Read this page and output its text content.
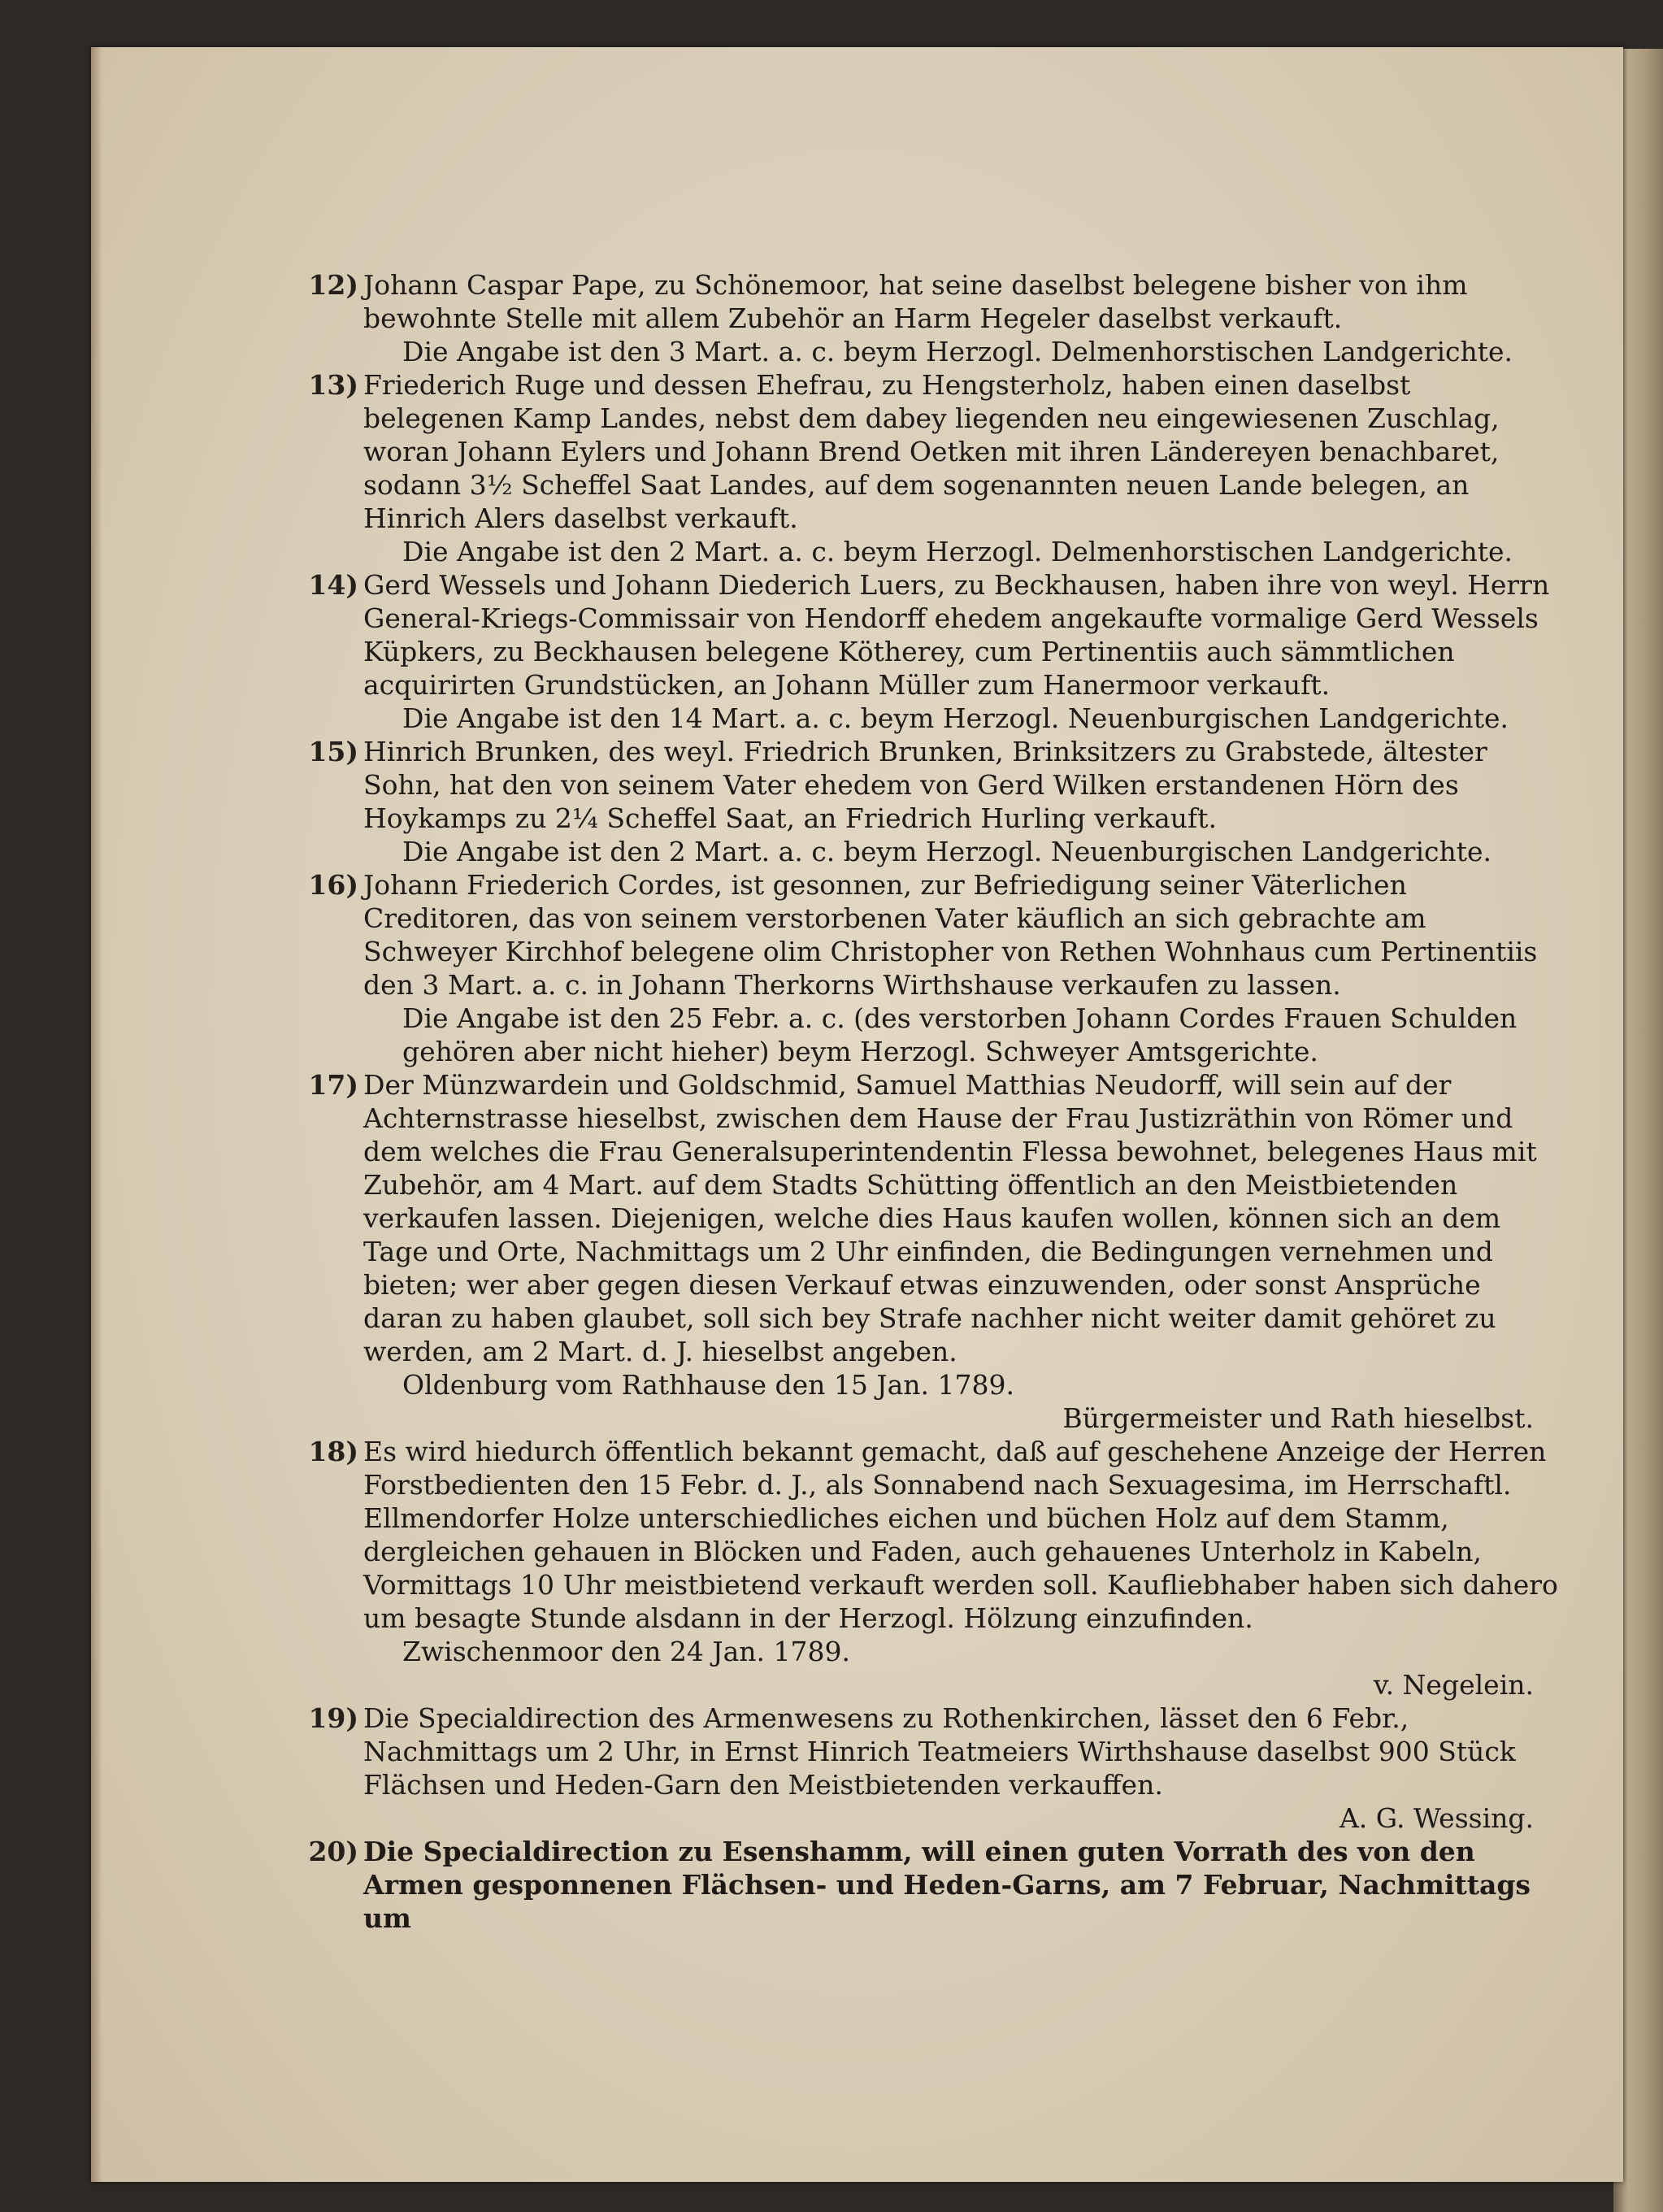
12) Johann Caspar Pape, zu Schönemoor, hat seine daselbst belegene bisher von ihm bewohnte Stelle mit allem Zubehör an Harm Hegeler daselbst verkauft.

Die Angabe ist den 3 Mart. a. c. beym Herzogl. Delmenhorstischen Landgerichte.

13) Friederich Ruge und dessen Ehefrau, zu Hengsterholz, haben einen daselbst belegenen Kamp Landes, nebst dem dabey liegenden neu eingewiesenen Zuschlag, woran Johann Eylers und Johann Brend Oetken mit ihren Ländereyen benachbaret, sodann 3½ Scheffel Saat Landes, auf dem sogenannten neuen Lande belegen, an Hinrich Alers daselbst verkauft.

Die Angabe ist den 2 Mart. a. c. beym Herzogl. Delmenhorstischen Landgerichte.

14) Gerd Wessels und Johann Diederich Luers, zu Beckhausen, haben ihre von weyl. Herrn General-Kriegs-Commissair von Hendorff ehedem angekaufte vormalige Gerd Wessels Küpkers, zu Beckhausen belegene Kötherey, cum Pertinentiis auch sämmtlichen acquirirten Grundstücken, an Johann Müller zum Hanermoor verkauft.

Die Angabe ist den 14 Mart. a. c. beym Herzogl. Neuenburgischen Landgerichte.

15) Hinrich Brunken, des weyl. Friedrich Brunken, Brinksitzers zu Grabstede, ältester Sohn, hat den von seinem Vater ehedem von Gerd Wilken erstandenen Hörn des Hoykamps zu 2¼ Scheffel Saat, an Friedrich Hurling verkauft.

Die Angabe ist den 2 Mart. a. c. beym Herzogl. Neuenburgischen Landgerichte.

16) Johann Friederich Cordes, ist gesonnen, zur Befriedigung seiner Väterlichen Creditoren, das von seinem verstorbenen Vater käuflich an sich gebrachte am Schweyer Kirchhof belegene olim Christopher von Rethen Wohnhaus cum Pertinentiis den 3 Mart. a. c. in Johann Therkorns Wirthshause verkaufen zu lassen.

Die Angabe ist den 25 Febr. a. c. (des verstorben Johann Cordes Frauen Schulden gehören aber nicht hieher) beym Herzogl. Schweyer Amtsgerichte.

17) Der Münzwardein und Goldschmid, Samuel Matthias Neudorff, will sein auf der Achternstrasse hieselbst, zwischen dem Hause der Frau Justizräthin von Römer und dem welches die Frau Generalsuperintendentin Flessa bewohnet, belegenes Haus mit Zubehör, am 4 Mart. auf dem Stadts Schütting öffentlich an den Meistbietenden verkaufen lassen. Diejenigen, welche dies Haus kaufen wollen, können sich an dem Tage und Orte, Nachmittags um 2 Uhr einfinden, die Bedingungen vernehmen und bieten; wer aber gegen diesen Verkauf etwas einzuwenden, oder sonst Ansprüche daran zu haben glaubet, soll sich bey Strafe nachher nicht weiter damit gehöret zu werden, am 2 Mart. d. J. hieselbst angeben.

Oldenburg vom Rathhause den 15 Jan. 1789.

Bürgermeister und Rath hieselbst.

18) Es wird hiedurch öffentlich bekannt gemacht, daß auf geschehene Anzeige der Herren Forstbedienten den 15 Febr. d. J., als Sonnabend nach Sexuagesima, im Herrschaftl. Ellmendorfer Holze unterschiedliches eichen und büchen Holz auf dem Stamm, dergleichen gehauen in Blöcken und Faden, auch gehauenes Unterholz in Kabeln, Vormittags 10 Uhr meistbietend verkauft werden soll. Kaufliebhaber haben sich dahero um besagte Stunde alsdann in der Herzogl. Hölzung einzufinden.

Zwischenmoor den 24 Jan. 1789.

v. Negelein.

19) Die Specialdirection des Armenwesens zu Rothenkirchen, lässet den 6 Febr., Nachmittags um 2 Uhr, in Ernst Hinrich Teatmeiers Wirthshause daselbst 900 Stück Flächsen und Heden-Garn den Meistbietenden verkauffen.

A. G. Wessing.

20) Die Specialdirection zu Esenshamm, will einen guten Vorrath des von den Armen gesponnenen Flächsen- und Heden-Garns, am 7 Februar, Nachmittags um
